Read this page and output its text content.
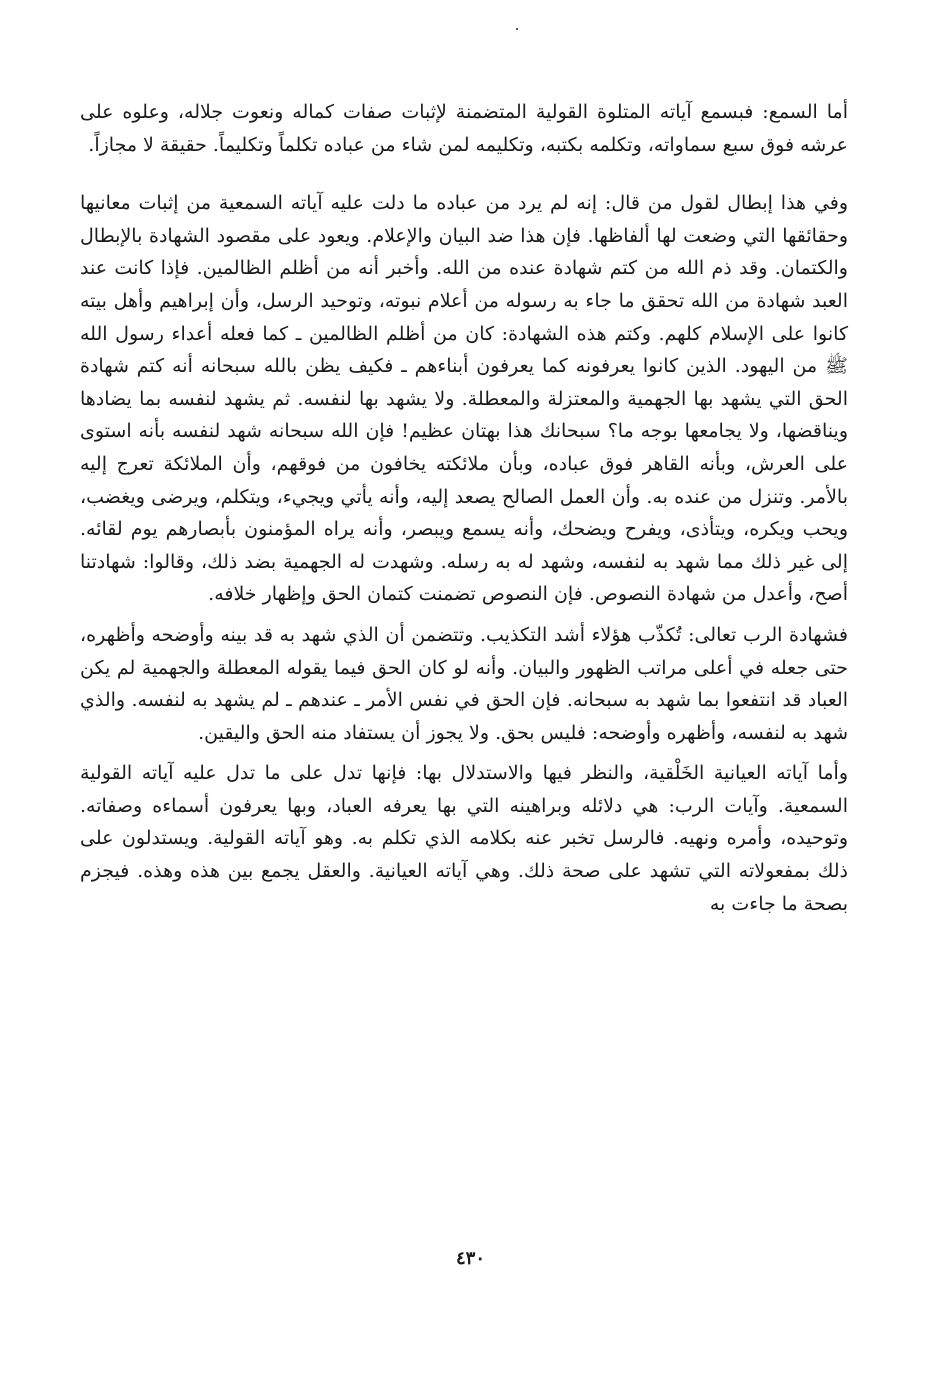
أما السمع: فبسمع آياته المتلوة القولية المتضمنة لإثبات صفات كماله ونعوت جلاله، وعلوه على عرشه فوق سبع سماواته، وتكلمه بكتبه، وتكليمه لمن شاء من عباده تكلماً وتكليماً. حقيقة لا مجازاً.

وفي هذا إبطال لقول من قال: إنه لم يرد من عباده ما دلت عليه آياته السمعية من إثبات معانيها وحقائقها التي وضعت لها ألفاظها. فإن هذا ضد البيان والإعلام. ويعود على مقصود الشهادة بالإبطال والكتمان. وقد ذم الله من كتم شهادة عنده من الله. وأخبر أنه من أظلم الظالمين. فإذا كانت عند العبد شهادة من الله تحقق ما جاء به رسوله من أعلام نبوته، وتوحيد الرسل، وأن إبراهيم وأهل بيته كانوا على الإسلام كلهم. وكتم هذه الشهادة: كان من أظلم الظالمين ـ كما فعله أعداء رسول الله ﷺ من اليهود. الذين كانوا يعرفونه كما يعرفون أبناءهم ـ فكيف يظن بالله سبحانه أنه كتم شهادة الحق التي يشهد بها الجهمية والمعتزلة والمعطلة. ولا يشهد بها لنفسه. ثم يشهد لنفسه بما يضادها ويناقضها، ولا يجامعها بوجه ما؟ سبحانك هذا بهتان عظيم! فإن الله سبحانه شهد لنفسه بأنه استوى على العرش، وبأنه القاهر فوق عباده، وبأن ملائكته يخافون من فوقهم، وأن الملائكة تعرج إليه بالأمر. وتنزل من عنده به. وأن العمل الصالح يصعد إليه، وأنه يأتي ويجيء، ويتكلم، ويرضى ويغضب، ويحب ويكره، ويتأذى، ويفرح ويضحك، وأنه يسمع ويبصر، وأنه يراه المؤمنون بأبصارهم يوم لقائه. إلى غير ذلك مما شهد به لنفسه، وشهد له به رسله. وشهدت له الجهمية بضد ذلك، وقالوا: شهادتنا أصح، وأعدل من شهادة النصوص. فإن النصوص تضمنت كتمان الحق وإظهار خلافه.

فشهادة الرب تعالى: تُكذّب هؤلاء أشد التكذيب. وتتضمن أن الذي شهد به قد بينه وأوضحه وأظهره، حتى جعله في أعلى مراتب الظهور والبيان. وأنه لو كان الحق فيما يقوله المعطلة والجهمية لم يكن العباد قد انتفعوا بما شهد به سبحانه. فإن الحق في نفس الأمر ـ عندهم ـ لم يشهد به لنفسه. والذي شهد به لنفسه، وأظهره وأوضحه: فليس بحق. ولا يجوز أن يستفاد منه الحق واليقين.

وأما آياته العيانية الخَلْقية، والنظر فيها والاستدلال بها: فإنها تدل على ما تدل عليه آياته القولية السمعية. وآيات الرب: هي دلائله وبراهينه التي بها يعرفه العباد، وبها يعرفون أسماءه وصفاته. وتوحيده، وأمره ونهيه. فالرسل تخبر عنه بكلامه الذي تكلم به. وهو آياته القولية. ويستدلون على ذلك بمفعولاته التي تشهد على صحة ذلك. وهي آياته العيانية. والعقل يجمع بين هذه وهذه. فيجزم بصحة ما جاءت به

٤٣٠
